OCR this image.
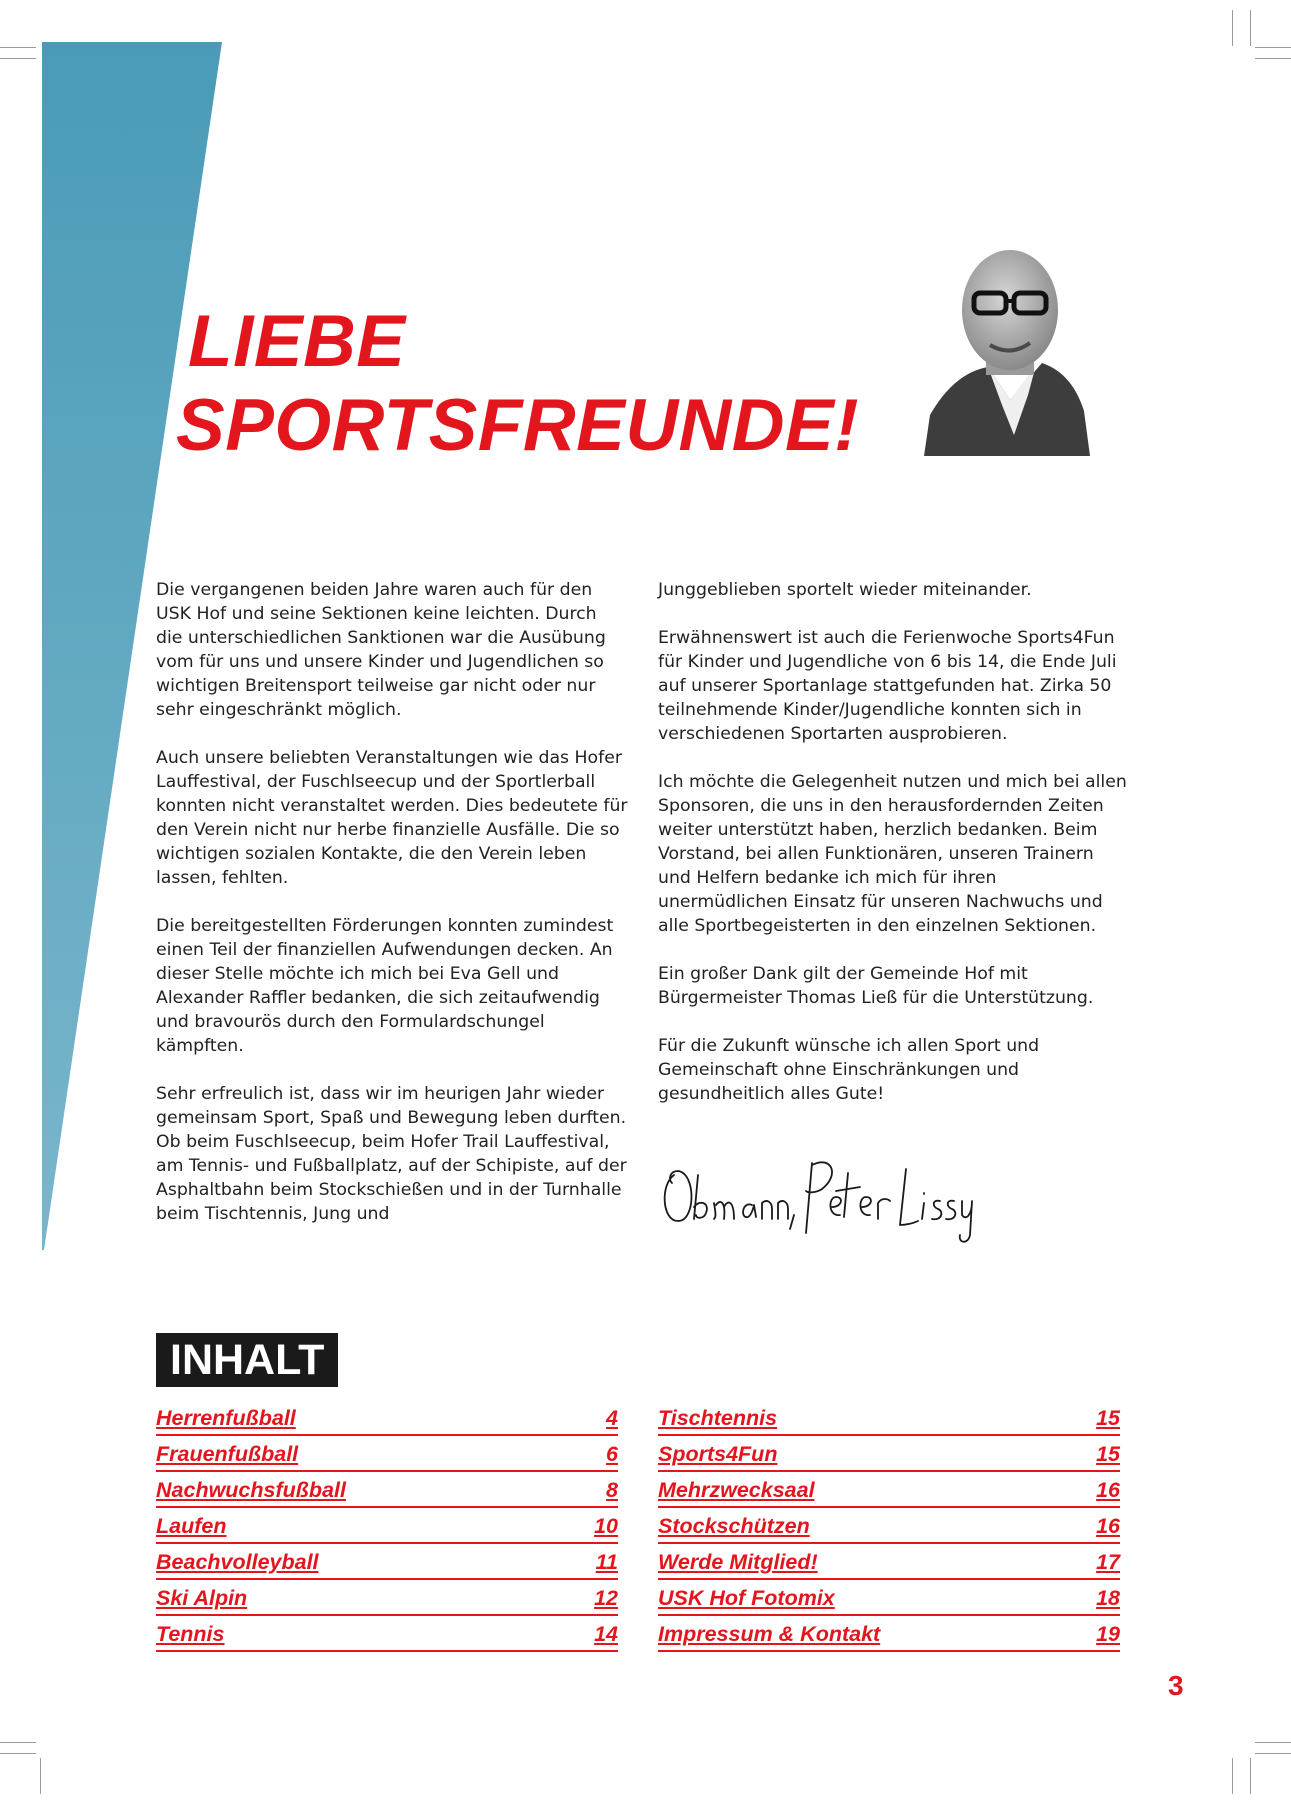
LIEBE
SPORTSFREUNDE!

Die vergangenen beiden Jahre waren auch für den USK Hof und seine Sektionen keine leichten. Durch die unterschiedlichen Sanktionen war die Ausübung vom für uns und unsere Kinder und Jugendlichen so wichtigen Breitensport teilweise gar nicht oder nur sehr eingeschränkt möglich.

Auch unsere beliebten Veranstaltungen wie das Hofer Lauffestival, der Fuschlseecup und der Sportlerball konnten nicht veranstaltet werden. Dies bedeutete für den Verein nicht nur herbe finanzielle Ausfälle. Die so wichtigen sozialen Kontakte, die den Verein leben lassen, fehlten.

Die bereitgestellten Förderungen konnten zumindest einen Teil der finanziellen Aufwendungen decken. An dieser Stelle möchte ich mich bei Eva Gell und Alexander Raffler bedanken, die sich zeitaufwendig und bravourös durch den Formulardschungel kämpften.

Sehr erfreulich ist, dass wir im heurigen Jahr wieder gemeinsam Sport, Spaß und Bewegung leben durften. Ob beim Fuschlseecup, beim Hofer Trail Lauffestival, am Tennis- und Fußballplatz, auf der Schipiste, auf der Asphaltbahn beim Stockschießen und in der Turnhalle beim Tischtennis, Jung und

Junggeblieben sportelt wieder miteinander.

Erwähnenswert ist auch die Ferienwoche Sports4Fun für Kinder und Jugendliche von 6 bis 14, die Ende Juli auf unserer Sportanlage stattgefunden hat. Zirka 50 teilnehmende Kinder/Jugendliche konnten sich in verschiedenen Sportarten ausprobieren.

Ich möchte die Gelegenheit nutzen und mich bei allen Sponsoren, die uns in den herausfordernden Zeiten weiter unterstützt haben, herzlich bedanken. Beim Vorstand, bei allen Funktionären, unseren Trainern und Helfern bedanke ich mich für ihren unermüdlichen Einsatz für unseren Nachwuchs und alle Sportbegeisterten in den einzelnen Sektionen.

Ein großer Dank gilt der Gemeinde Hof mit Bürgermeister Thomas Ließ für die Unterstützung.

Für die Zukunft wünsche ich allen Sport und Gemeinschaft ohne Einschränkungen und gesundheitlich alles Gute!

INHALT
Herrenfußball	4
Frauenfußball	6
Nachwuchsfußball	8
Laufen	10
Beachvolleyball	11
Ski Alpin	12
Tennis	14
Tischtennis	15
Sports4Fun	15
Mehrzwecksaal	16
Stockschützen	16
Werde Mitglied!	17
USK Hof Fotomix	18
Impressum & Kontakt	19
3
